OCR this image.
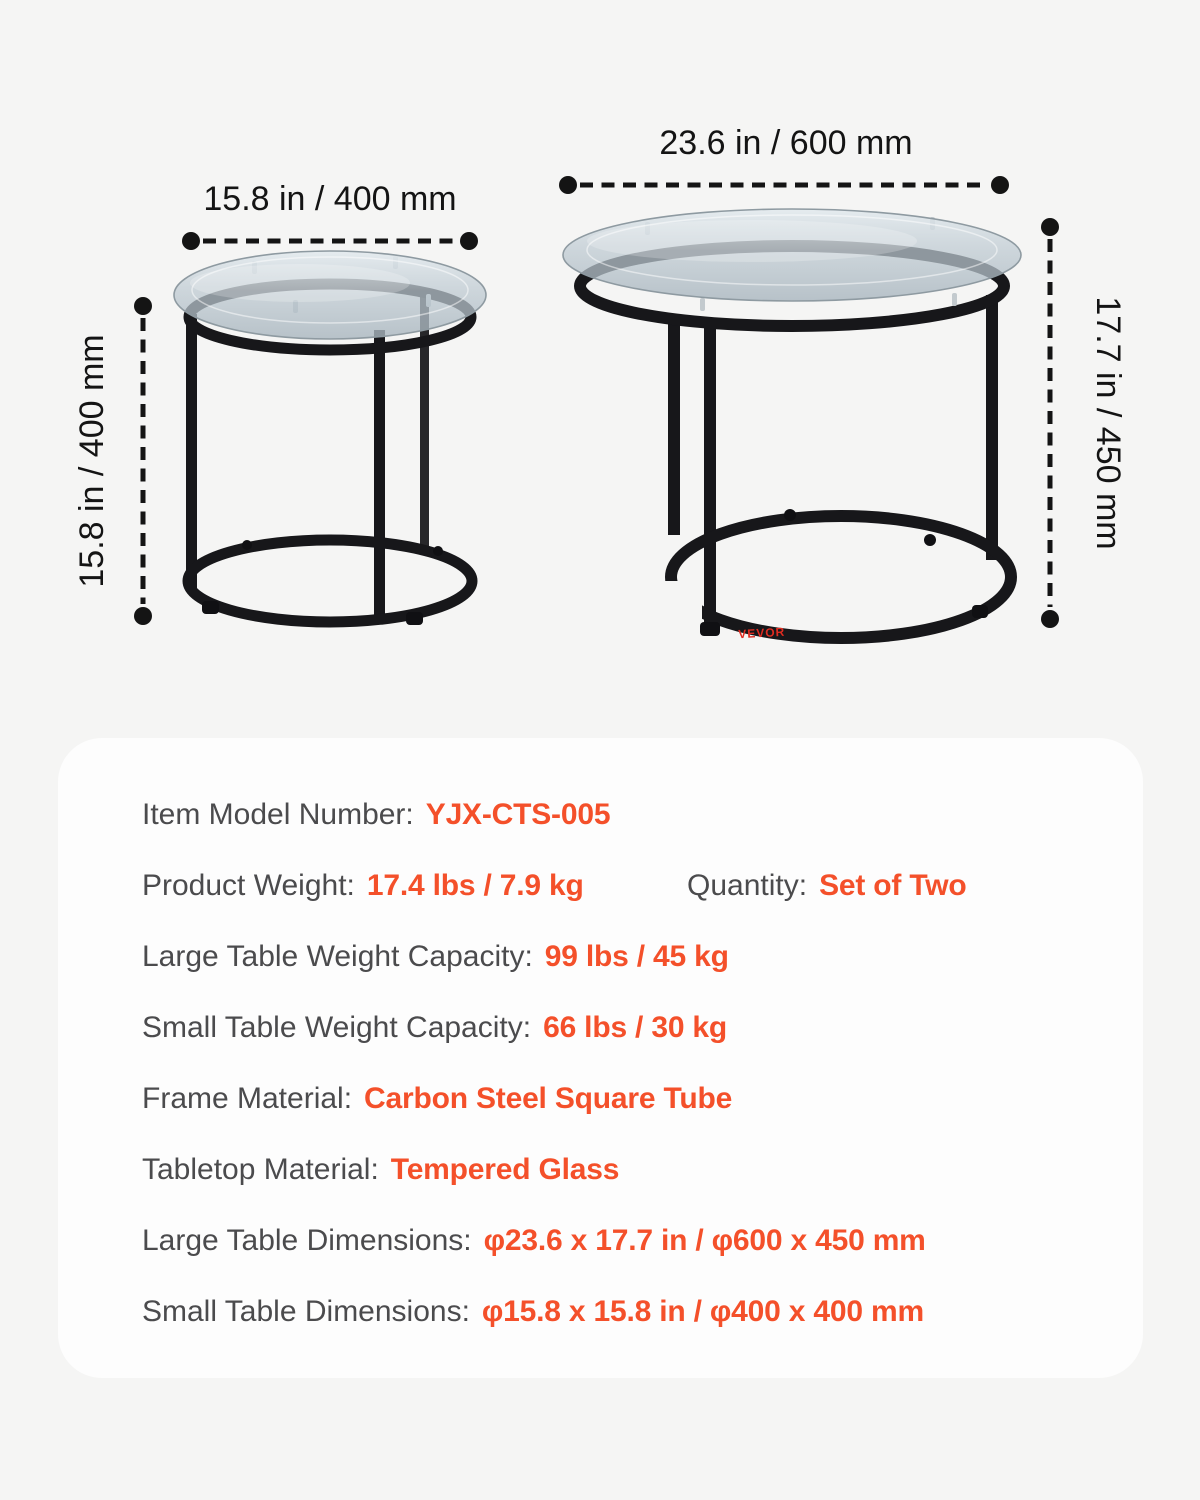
VEVOR
15.8 in / 400 mm
23.6 in / 600 mm
15.8 in / 400 mm	17.7 in / 450 mm
Item Model Number: YJX-CTS-005
Product Weight: 17.4 lbs / 7.9 kg	Quantity: Set of Two
Large Table Weight Capacity: 99 lbs / 45 kg
Small Table Weight Capacity: 66 lbs / 30 kg
Frame Material: Carbon Steel Square Tube
Tabletop Material: Tempered Glass
Large Table Dimensions: φ23.6 x 17.7 in / φ600 x 450 mm
Small Table Dimensions: φ15.8 x 15.8 in / φ400 x 400 mm
